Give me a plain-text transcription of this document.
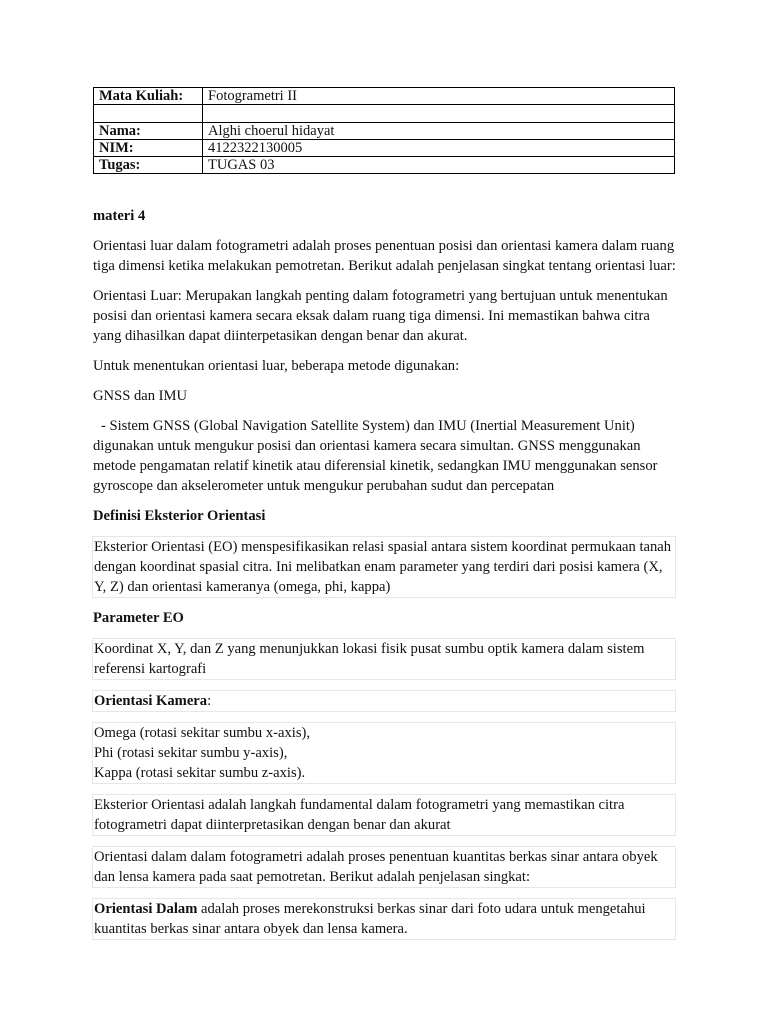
Mata Kuliah:	Fotogrametri II

Nama:	Alghi choerul hidayat
NIM:	4122322130005
Tugas:	TUGAS 03

materi 4

Orientasi luar dalam fotogrametri adalah proses penentuan posisi dan orientasi kamera dalam ruang tiga dimensi ketika melakukan pemotretan. Berikut adalah penjelasan singkat tentang orientasi luar:

Orientasi Luar: Merupakan langkah penting dalam fotogrametri yang bertujuan untuk menentukan posisi dan orientasi kamera secara eksak dalam ruang tiga dimensi. Ini memastikan bahwa citra yang dihasilkan dapat diinterpetasikan dengan benar dan akurat.

Untuk menentukan orientasi luar, beberapa metode digunakan:

GNSS dan IMU

- Sistem GNSS (Global Navigation Satellite System) dan IMU (Inertial Measurement Unit) digunakan untuk mengukur posisi dan orientasi kamera secara simultan. GNSS menggunakan metode pengamatan relatif kinetik atau diferensial kinetik, sedangkan IMU menggunakan sensor gyroscope dan akselerometer untuk mengukur perubahan sudut dan percepatan

Definisi Eksterior Orientasi

Eksterior Orientasi (EO) menspesifikasikan relasi spasial antara sistem koordinat permukaan tanah dengan koordinat spasial citra. Ini melibatkan enam parameter yang terdiri dari posisi kamera (X, Y, Z) dan orientasi kameranya (omega, phi, kappa)

Parameter EO

Koordinat X, Y, dan Z yang menunjukkan lokasi fisik pusat sumbu optik kamera dalam sistem referensi kartografi
Orientasi Kamera:
Omega (rotasi sekitar sumbu x-axis),
Phi (rotasi sekitar sumbu y-axis),
Kappa (rotasi sekitar sumbu z-axis).
Eksterior Orientasi adalah langkah fundamental dalam fotogrametri yang memastikan citra fotogrametri dapat diinterpretasikan dengan benar dan akurat
Orientasi dalam dalam fotogrametri adalah proses penentuan kuantitas berkas sinar antara obyek dan lensa kamera pada saat pemotretan. Berikut adalah penjelasan singkat:
Orientasi Dalam adalah proses merekonstruksi berkas sinar dari foto udara untuk mengetahui kuantitas berkas sinar antara obyek dan lensa kamera.
